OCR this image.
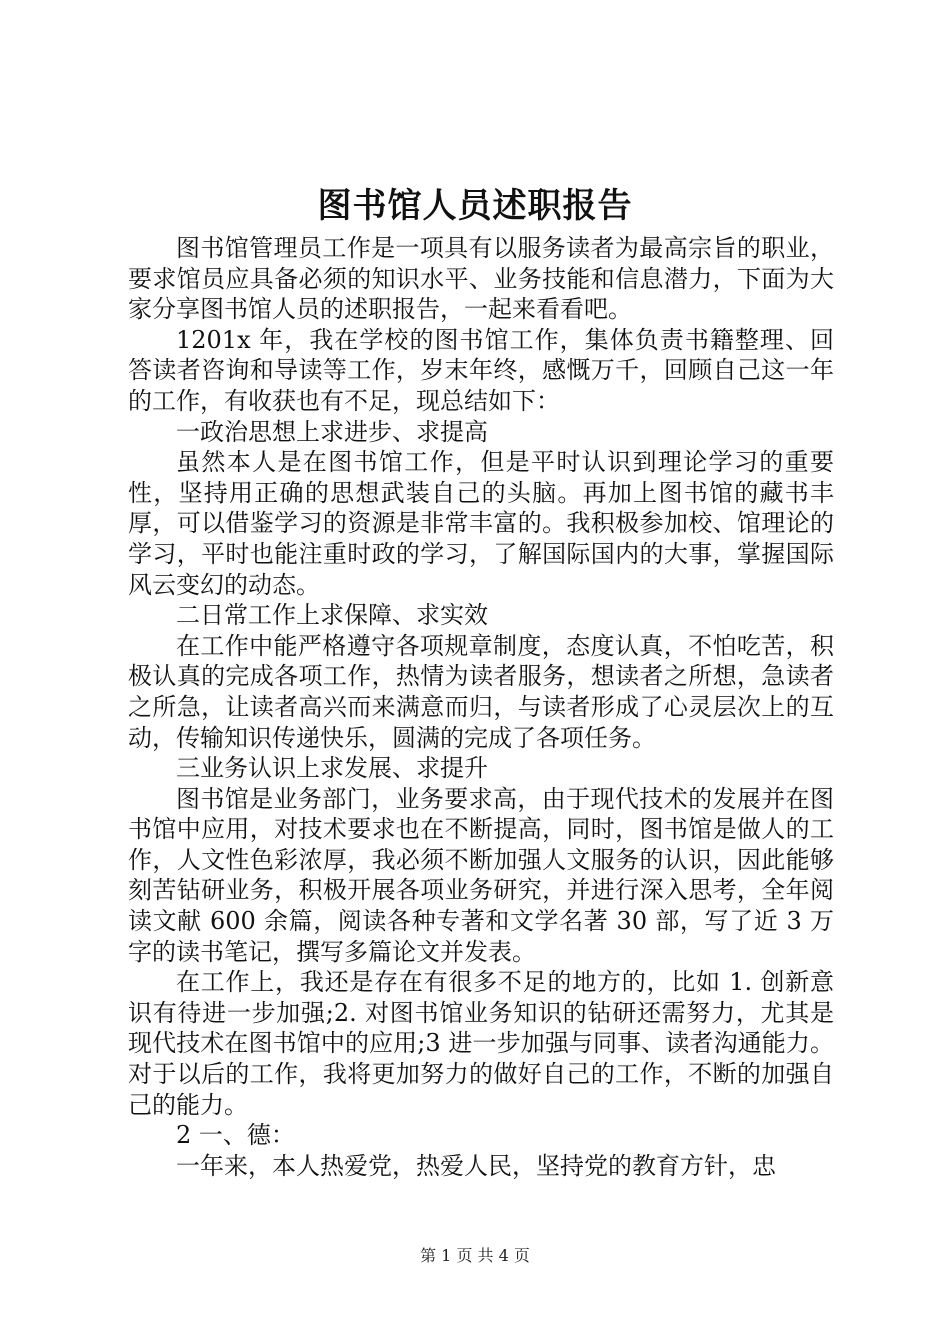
图书馆人员述职报告

图书馆管理员工作是一项具有以服务读者为最高宗旨的职业，要求馆员应具备必须的知识水平、业务技能和信息潜力，下面为大家分享图书馆人员的述职报告，一起来看看吧。

1201x 年，我在学校的图书馆工作，集体负责书籍整理、回答读者咨询和导读等工作，岁末年终，感慨万千，回顾自己这一年的工作，有收获也有不足，现总结如下：

一政治思想上求进步、求提高

虽然本人是在图书馆工作，但是平时认识到理论学习的重要性，坚持用正确的思想武装自己的头脑。再加上图书馆的藏书丰厚，可以借鉴学习的资源是非常丰富的。我积极参加校、馆理论的学习，平时也能注重时政的学习，了解国际国内的大事，掌握国际风云变幻的动态。

二日常工作上求保障、求实效

在工作中能严格遵守各项规章制度，态度认真，不怕吃苦，积极认真的完成各项工作，热情为读者服务，想读者之所想，急读者之所急，让读者高兴而来满意而归，与读者形成了心灵层次上的互动，传输知识传递快乐，圆满的完成了各项任务。

三业务认识上求发展、求提升

图书馆是业务部门，业务要求高，由于现代技术的发展并在图书馆中应用，对技术要求也在不断提高，同时，图书馆是做人的工作，人文性色彩浓厚，我必须不断加强人文服务的认识，因此能够刻苦钻研业务，积极开展各项业务研究，并进行深入思考，全年阅读文献 600 余篇，阅读各种专著和文学名著 30 部，写了近 3 万字的读书笔记，撰写多篇论文并发表。

在工作上，我还是存在有很多不足的地方的，比如 1. 创新意识有待进一步加强;2. 对图书馆业务知识的钻研还需努力，尤其是现代技术在图书馆中的应用;3 进一步加强与同事、读者沟通能力。对于以后的工作，我将更加努力的做好自己的工作，不断的加强自己的能力。

2 一、德：

一年来，本人热爱党，热爱人民，坚持党的教育方针，忠

第 1 页 共 4 页
